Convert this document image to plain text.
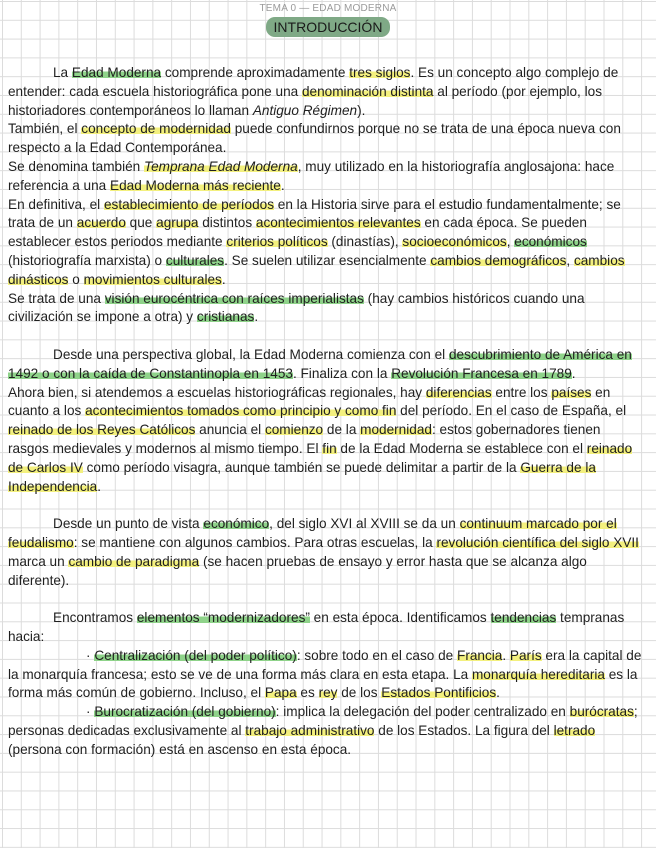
TEMA 0 — EDAD MODERNA
INTRODUCCIÓN

La Edad Moderna comprende aproximadamente tres siglos. Es un concepto algo complejo de entender: cada escuela historiográfica pone una denominación distinta al período (por ejemplo, los historiadores contemporáneos lo llaman Antiguo Régimen).

También, el concepto de modernidad puede confundirnos porque no se trata de una época nueva con respecto a la Edad Contemporánea.

Se denomina también Temprana Edad Moderna, muy utilizado en la historiografía anglosajona: hace referencia a una Edad Moderna más reciente.

En definitiva, el establecimiento de períodos en la Historia sirve para el estudio fundamentalmente; se trata de un acuerdo que agrupa distintos acontecimientos relevantes en cada época. Se pueden establecer estos periodos mediante criterios políticos (dinastías), socioeconómicos, económicos (historiografía marxista) o culturales. Se suelen utilizar esencialmente cambios demográficos, cambios dinásticos o movimientos culturales.

Se trata de una visión eurocéntrica con raíces imperialistas (hay cambios históricos cuando una civilización se impone a otra) y cristianas.

Desde una perspectiva global, la Edad Moderna comienza con el descubrimiento de América en 1492 o con la caída de Constantinopla en 1453. Finaliza con la Revolución Francesa en 1789.

Ahora bien, si atendemos a escuelas historiográficas regionales, hay diferencias entre los países en cuanto a los acontecimientos tomados como principio y como fin del período. En el caso de España, el reinado de los Reyes Católicos anuncia el comienzo de la modernidad: estos gobernadores tienen rasgos medievales y modernos al mismo tiempo. El fin de la Edad Moderna se establece con el reinado de Carlos IV como período visagra, aunque también se puede delimitar a partir de la Guerra de la Independencia.

Desde un punto de vista económico, del siglo XVI al XVIII se da un continuum marcado por el feudalismo: se mantiene con algunos cambios. Para otras escuelas, la revolución científica del siglo XVII marca un cambio de paradigma (se hacen pruebas de ensayo y error hasta que se alcanza algo diferente).

Encontramos elementos “modernizadores” en esta época. Identificamos tendencias tempranas hacia:

· Centralización (del poder político): sobre todo en el caso de Francia. París era la capital de la monarquía francesa; esto se ve de una forma más clara en esta etapa. La monarquía hereditaria es la forma más común de gobierno. Incluso, el Papa es rey de los Estados Pontificios.

· Burocratización (del gobierno): implica la delegación del poder centralizado en burócratas; personas dedicadas exclusivamente al trabajo administrativo de los Estados. La figura del letrado (persona con formación) está en ascenso en esta época.
